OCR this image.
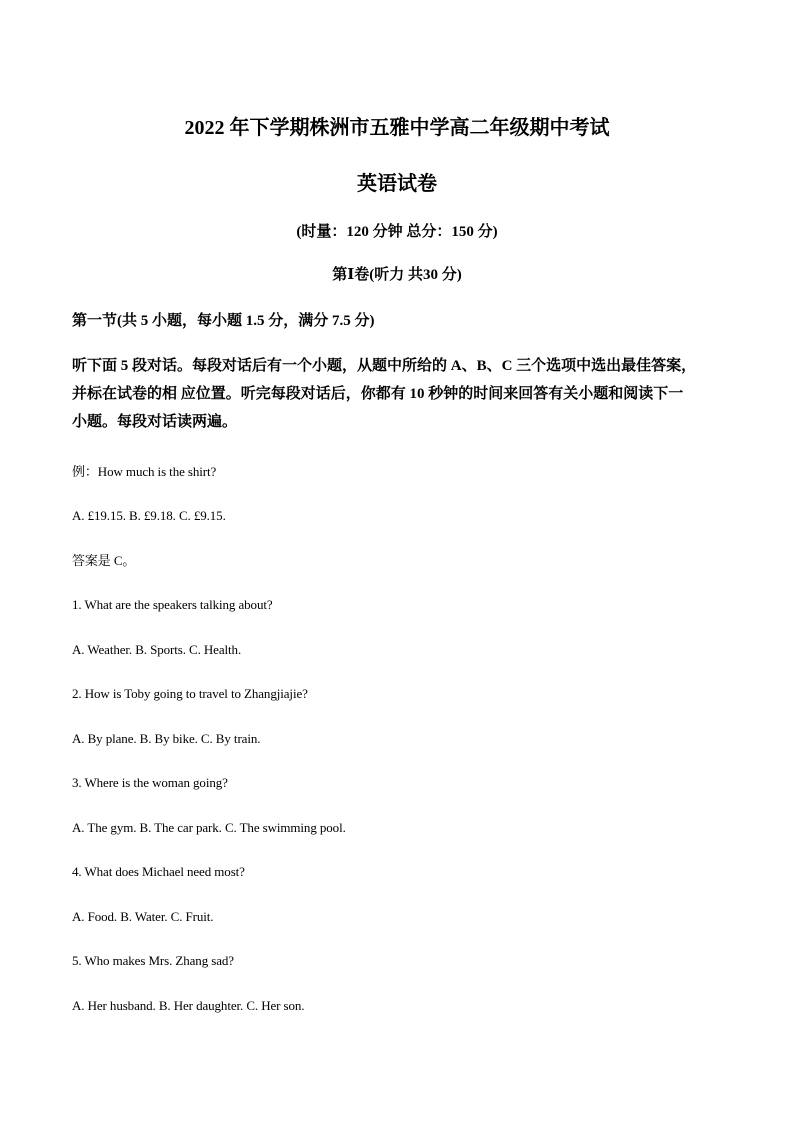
2022 年下学期株洲市五雅中学高二年级期中考试
英语试卷
(时量：120 分钟 总分：150 分)
第Ⅰ卷(听力 共30 分)
第一节(共 5 小题，每小题 1.5 分，满分 7.5 分)
听下面 5 段对话。每段对话后有一个小题，从题中所给的 A、B、C 三个选项中选出最佳答案，
并标在试卷的相 应位置。听完每段对话后，你都有 10 秒钟的时间来回答有关小题和阅读下一
小题。每段对话读两遍。
例：How much is the shirt?
A. £19.15. B. £9.18. C. £9.15.
答案是 C。
1. What are the speakers talking about?
A. Weather. B. Sports. C. Health.
2. How is Toby going to travel to Zhangjiajie?
A. By plane. B. By bike. C. By train.
3. Where is the woman going?
A. The gym. B. The car park. C. The swimming pool.
4. What does Michael need most?
A. Food. B. Water. C. Fruit.
5. Who makes Mrs. Zhang sad?
A. Her husband. B. Her daughter. C. Her son.
